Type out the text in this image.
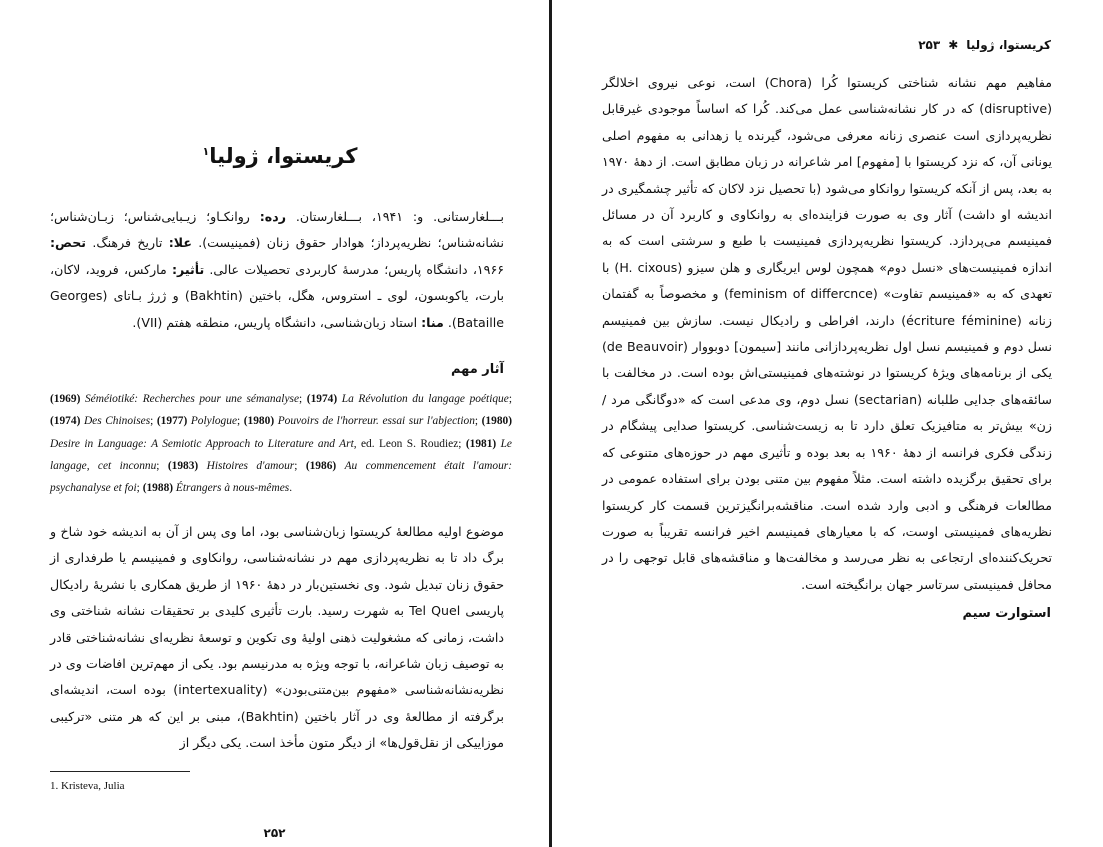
کریستوا، ژولیا$^۱$
بـــلغارستانی. و: ۱۹۴۱، بـــلغارستان. رده: روانکـاو؛ زیـبایی‌شناس؛ زبـان‌شناس؛ نشانه‌شناس؛ نظریه‌پرداز؛ هوادار حقوق زنان (فمینیست). علا: تاریخ فرهنگ. تحص: ۱۹۶۶، دانشگاه پاریس؛ مدرسهٔ کاربردی تحصیلات عالی. تأثیر: مارکس، فروید، لاکان، بارت، یاکوبسون، لوی ـ استروس، هگل، باختین (Bakhtin) و ژرژ بـاتای (Georges Bataille). منا: استاد زبان‌شناسی، دانشگاه پاریس، منطقه هفتم (VII).
آثار مهم
(1969) Séméiotiké: Recherches pour une sémanalyse; (1974) La Révolution du langage poétique; (1974) Des Chinoises; (1977) Polylogue; (1980) Pouvoirs de l'horreur. essai sur l'abjection; (1980) Desire in Language: A Semiotic Approach to Literature and Art, ed. Leon S. Roudiez; (1981) Le langage, cet inconnu; (1983) Histoires d'amour; (1986) Au commencement était l'amour: psychanalyse et foi; (1988) Étrangers à nous-mêmes.
موضوع اولیه مطالعهٔ کریستوا زبان‌شناسی بود، اما وی پس از آن به اندیشه خود شاخ و برگ داد تا به نظریه‌پردازی مهم در نشانه‌شناسی، روانکاوی و فمینیسم یا طرفداری از حقوق زنان تبدیل شود. وی نخستین‌بار در دههٔ ۱۹۶۰ از طریق همکاری با نشریهٔ رادیکال پاریسی Tel Quel به شهرت رسید. بارت تأثیری کلیدی بر تحقیقات نشانه شناختی وی داشت، زمانی که مشغولیت ذهنی اولیهٔ وی تکوین و توسعهٔ نظریه‌ای نشانه‌شناختی قادر به توصیف زبان شاعرانه، با توجه ویژه به مدرنیسم بود. یکی از مهم‌ترین افاضات وی در نظریه‌نشانه‌شناسی «مفهوم بین‌متنی‌بودن» (intertexuality) بوده است، اندیشه‌ای برگرفته از مطالعهٔ وی در آثار باختین (Bakhtin)، مبنی بر این که هر متنی «ترکیبی موزاییکی از نقل‌قول‌ها» از دیگر متون مأخذ است. یکی دیگر از
1. Kristeva, Julia
۲۵۲
کریستوا، ژولیا✱۲۵۳
مفاهیم مهم نشانه شناختی کریستوا کُرا (Chora) است، نوعی نیروی اخلالگر (disruptive) که در کار نشانه‌شناسی عمل می‌کند. کُرا که اساساً موجودی غیرقابل نظریه‌پردازی است عنصری زنانه معرفی می‌شود، گیرنده یا زهدانی به مفهوم اصلی یونانی آن، که نزد کریستوا با [مفهوم] امر شاعرانه در زبان مطابق است. از دههٔ ۱۹۷۰ به بعد، پس از آنکه کریستوا روانکاو می‌شود (با تحصیل نزد لاکان که تأثیر چشمگیری در اندیشه او داشت) آثار وی به صورت فزاینده‌ای به روانکاوی و کاربرد آن در مسائل فمینیسم می‌پردازد. کریستوا نظریه‌پردازی فمینیست با طبع و سرشتی است که به اندازه فمینیست‌های «نسل دوم» همچون لوس ایریگاری و هلن سیزو (H. cixous) با تعهدی که به «فمینیسم تفاوت» (feminism of differcnce) و مخصوصاً به گفتمان زنانه (écriture féminine) دارند، افراطی و رادیکال نیست. سازش بین فمینیسم نسل دوم و فمینیسم نسل اول نظریه‌پردازانی مانند [سیمون] دوبووار (de Beauvoir) یکی از برنامه‌های ویژهٔ کریستوا در نوشته‌های فمینیستی‌اش بوده است. در مخالفت با سائقه‌های جدایی طلبانه (sectarian) نسل دوم، وی مدعی است که «دوگانگی مرد / زن» بیش‌تر به متافیزیک تعلق دارد تا به زیست‌شناسی. کریستوا صدایی پیشگام در زندگی فکری فرانسه از دههٔ ۱۹۶۰ به بعد بوده و تأثیری مهم در حوزه‌های متنوعی که برای تحقیق برگزیده داشته است. مثلاً مفهوم بین متنی بودن برای استفاده عمومی در مطالعات فرهنگی و ادبی وارد شده است. مناقشه‌برانگیزترین قسمت کار کریستوا نظریه‌های فمینیستی اوست، که با معیارهای فمینیسم اخیر فرانسه تقریباً به صورت تحریک‌کننده‌ای ارتجاعی به نظر می‌رسد و مخالفت‌ها و مناقشه‌های قابل توجهی را در محافل فمینیستی سرتاسر جهان برانگیخته است.
استوارت سیم
